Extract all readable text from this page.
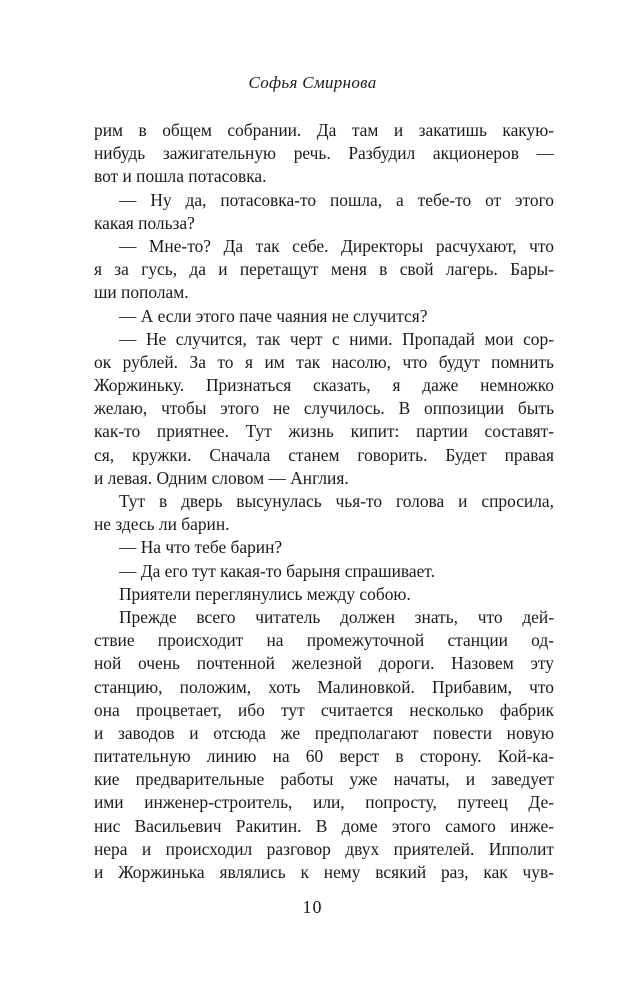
Софья Смирнова
рим в общем собрании. Да там и закатишь какую-
нибудь зажигательную речь. Разбудил акционеров —
вот и пошла потасовка.
— Ну да, потасовка-то пошла, а тебе-то от этого
какая польза?
— Мне-то? Да так себе. Директоры расчухают, что
я за гусь, да и перетащут меня в свой лагерь. Бары-
ши пополам.
— А если этого паче чаяния не случится?
— Не случится, так черт с ними. Пропадай мои сор-
ок рублей. За то я им так насолю, что будут помнить
Жоржиньку. Признаться сказать, я даже немножко
желаю, чтобы этого не случилось. В оппозиции быть
как-то приятнее. Тут жизнь кипит: партии составят-
ся, кружки. Сначала станем говорить. Будет правая
и левая. Одним словом — Англия.
Тут в дверь высунулась чья-то голова и спросила,
не здесь ли барин.
— На что тебе барин?
— Да его тут какая-то барыня спрашивает.
Приятели переглянулись между собою.
Прежде всего читатель должен знать, что дей-
ствие происходит на промежуточной станции од-
ной очень почтенной железной дороги. Назовем эту
станцию, положим, хоть Малиновкой. Прибавим, что
она процветает, ибо тут считается несколько фабрик
и заводов и отсюда же предполагают повести новую
питательную линию на 60 верст в сторону. Кой-ка-
кие предварительные работы уже начаты, и заведует
ими инженер-строитель, или, попросту, путеец Де-
нис Васильевич Ракитин. В доме этого самого инже-
нера и происходил разговор двух приятелей. Ипполит
и Жоржинька являлись к нему всякий раз, как чув-
10
